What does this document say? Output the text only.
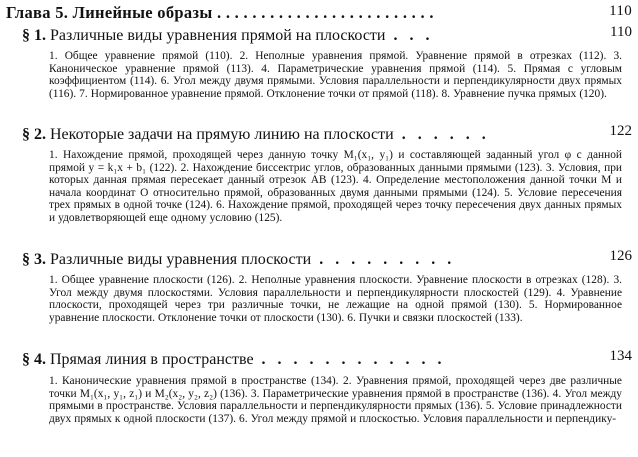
Глава 5. Линейные образы . . . . . . . . . . . . . . . . . . . . . . . . .	110
§ 1. Различные виды уравнения прямой на плоскости . . .	110
1. Общее уравнение прямой (110). 2. Неполные уравнения прямой. Уравнение прямой в отрезках (112). 3. Каноническое уравнение прямой (113). 4. Параметрические уравнения прямой (114). 5. Прямая с угловым коэффициентом (114). 6. Угол между двумя прямыми. Условия параллельности и перпендикулярности двух прямых (116). 7. Нормированное уравнение прямой. Отклонение точки от прямой (118). 8. Уравнение пучка прямых (120).
§ 2. Некоторые задачи на прямую линию на плоскости . . . . . .	122
1. Нахождение прямой, проходящей через данную точку M₁(x₁, y₁) и составляющей заданный угол φ с данной прямой y = k₁x + b₁ (122). 2. Нахождение биссектрис углов, образованных данными прямыми (123). 3. Условия, при которых данная прямая пересекает данный отрезок AB (123). 4. Определение местоположения данной точки M и начала координат O относительно прямой, образованных двумя данными прямыми (124). 5. Условие пересечения трех прямых в одной точке (124). 6. Нахождение прямой, проходящей через точку пересечения двух данных прямых и удовлетворяющей еще одному условию (125).
§ 3. Различные виды уравнения плоскости . . . . . . . . .	126
1. Общее уравнение плоскости (126). 2. Неполные уравнения плоскости. Уравнение плоскости в отрезках (128). 3. Угол между двумя плоскостями. Условия параллельности и перпендикулярности плоскостей (129). 4. Уравнение плоскости, проходящей через три различные точки, не лежащие на одной прямой (130). 5. Нормированное уравнение плоскости. Отклонение точки от плоскости (130). 6. Пучки и связки плоскостей (133).
§ 4. Прямая линия в пространстве . . . . . . . . . . . .	134
1. Канонические уравнения прямой в пространстве (134). 2. Уравнения прямой, проходящей через две различные точки M₁(x₁, y₁, z₁) и M₂(x₂, y₂, z₂) (136). 3. Параметрические уравнения прямой в пространстве (136). 4. Угол между прямыми в пространстве. Условия параллельности и перпендикулярности прямых (136). 5. Условие принадлежности двух прямых к одной плоскости (137). 6. Угол между прямой и плоскостью. Условия параллельности и перпендику-
